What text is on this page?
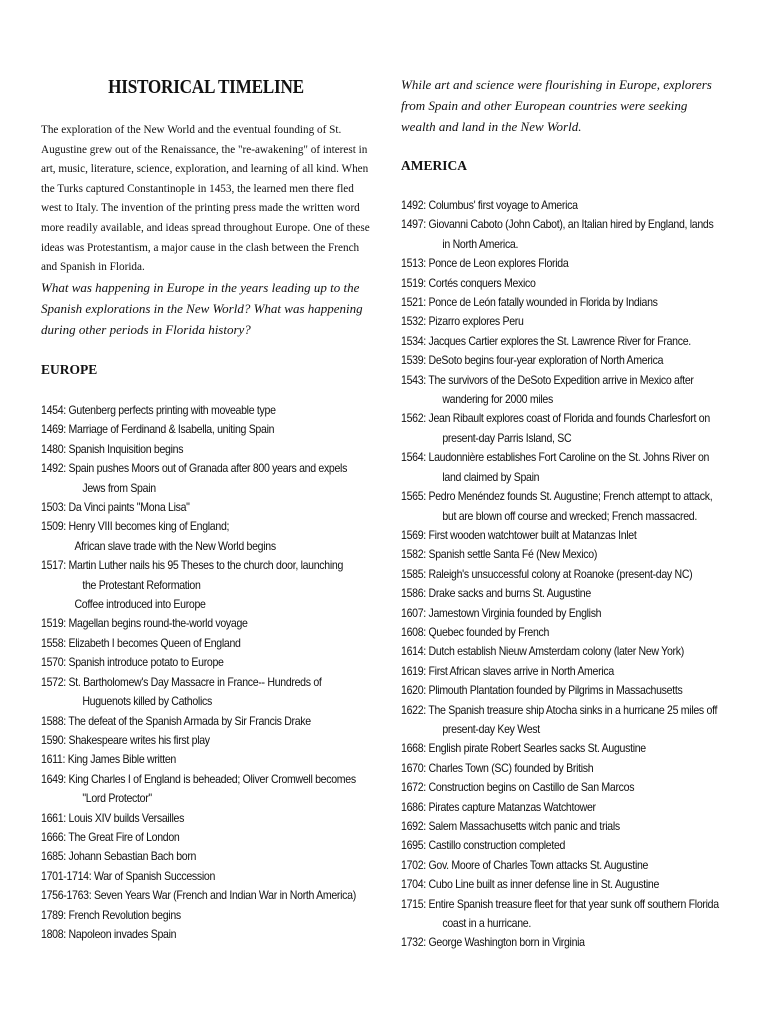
HISTORICAL TIMELINE

The exploration of the New World and the eventual founding of St. Augustine grew out of the Renaissance, the "re-awakening" of interest in art, music, literature, science, exploration, and learning of all kind. When the Turks captured Constantinople in 1453, the learned men there fled west to Italy. The invention of the printing press made the written word more readily available, and ideas spread throughout Europe. One of these ideas was Protestantism, a major cause in the clash between the French and Spanish in Florida.

What was happening in Europe in the years leading up to the Spanish explorations in the New World? What was happening during other periods in Florida history?

EUROPE
1454: Gutenberg perfects printing with moveable type
1469: Marriage of Ferdinand & Isabella, uniting Spain
1480: Spanish Inquisition begins
1492: Spain pushes Moors out of Granada after 800 years and expels
Jews from Spain
1503: Da Vinci paints "Mona Lisa"
1509: Henry VIII becomes king of England;
African slave trade with the New World begins
1517: Martin Luther nails his 95 Theses to the church door, launching
the Protestant Reformation
Coffee introduced into Europe
1519: Magellan begins round-the-world voyage
1558: Elizabeth I becomes Queen of England
1570: Spanish introduce potato to Europe
1572: St. Bartholomew's Day Massacre in France-- Hundreds of
Huguenots killed by Catholics
1588: The defeat of the Spanish Armada by Sir Francis Drake
1590: Shakespeare writes his first play
1611: King James Bible written
1649: King Charles I of England is beheaded; Oliver Cromwell becomes
"Lord Protector"
1661: Louis XIV builds Versailles
1666: The Great Fire of London
1685: Johann Sebastian Bach born
1701-1714: War of Spanish Succession
1756-1763: Seven Years War (French and Indian War in North America)
1789: French Revolution begins
1808: Napoleon invades Spain

While art and science were flourishing in Europe, explorers from Spain and other European countries were seeking wealth and land in the New World.

AMERICA
1492: Columbus' first voyage to America
1497: Giovanni Caboto (John Cabot), an Italian hired by England, lands
in North America.
1513: Ponce de Leon explores Florida
1519: Cortés conquers Mexico
1521: Ponce de León fatally wounded in Florida by Indians
1532: Pizarro explores Peru
1534: Jacques Cartier explores the St. Lawrence River for France.
1539: DeSoto begins four-year exploration of North America
1543: The survivors of the DeSoto Expedition arrive in Mexico after
wandering for 2000 miles
1562: Jean Ribault explores coast of Florida and founds Charlesfort on
present-day Parris Island, SC
1564: Laudonnière establishes Fort Caroline on the St. Johns River on
land claimed by Spain
1565: Pedro Menéndez founds St. Augustine; French attempt to attack,
but are blown off course and wrecked; French massacred.
1569: First wooden watchtower built at Matanzas Inlet
1582: Spanish settle Santa Fé (New Mexico)
1585: Raleigh's unsuccessful colony at Roanoke (present-day NC)
1586: Drake sacks and burns St. Augustine
1607: Jamestown Virginia founded by English
1608: Quebec founded by French
1614: Dutch establish Nieuw Amsterdam colony (later New York)
1619: First African slaves arrive in North America
1620: Plimouth Plantation founded by Pilgrims in Massachusetts
1622: The Spanish treasure ship Atocha sinks in a hurricane 25 miles off
present-day Key West
1668: English pirate Robert Searles sacks St. Augustine
1670: Charles Town (SC) founded by British
1672: Construction begins on Castillo de San Marcos
1686: Pirates capture Matanzas Watchtower
1692: Salem Massachusetts witch panic and trials
1695: Castillo construction completed
1702: Gov. Moore of Charles Town attacks St. Augustine
1704: Cubo Line built as inner defense line in St. Augustine
1715: Entire Spanish treasure fleet for that year sunk off southern Florida
coast in a hurricane.
1732: George Washington born in Virginia
